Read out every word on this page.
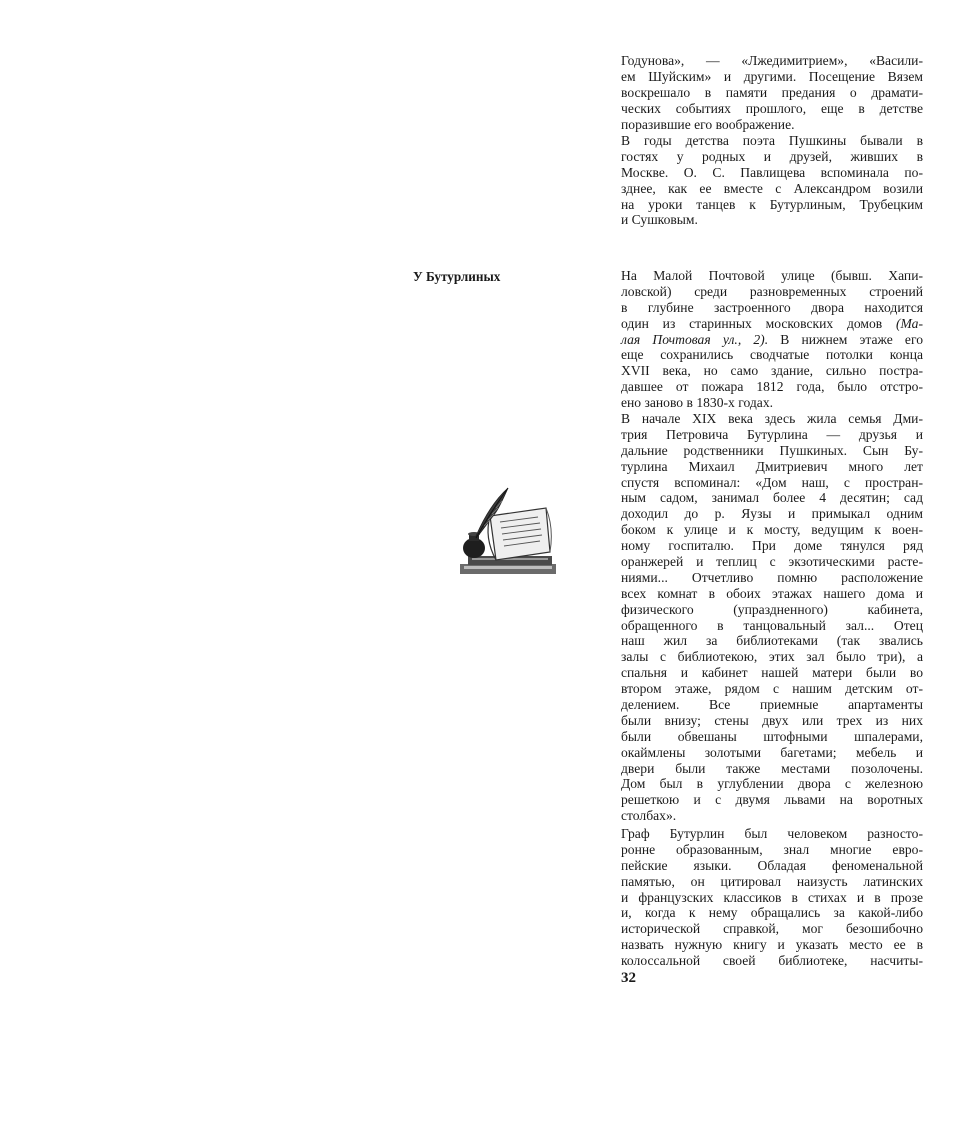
Годунова», — «Лжедимитрием», «Васили-
ем Шуйским» и другими. Посещение Вязем
воскрешало в памяти предания о драмати-
ческих событиях прошлого, еще в детстве
поразившие его воображение.
В годы детства поэта Пушкины бывали в
гостях у родных и друзей, живших в
Москве. О. С. Павлищева вспоминала по-
зднее, как ее вместе с Александром возили
на уроки танцев к Бутурлиным, Трубецким
и Сушковым.
У Бутурлиных	На Малой Почтовой улице (бывш. Хапи-
ловской) среди разновременных строений
в глубине застроенного двора находится
один из старинных московских домов (Ма-
лая Почтовая ул., 2). В нижнем этаже его
еще сохранились сводчатые потолки конца
XVII века, но само здание, сильно постра-
давшее от пожара 1812 года, было отстро-
ено заново в 1830-х годах.
В начале XIX века здесь жила семья Дми-
трия Петровича Бутурлина — друзья и
дальние родственники Пушкиных. Сын Бу-
турлина Михаил Дмитриевич много лет
спустя вспоминал: «Дом наш, с простран-
ным садом, занимал более 4 десятин; сад
доходил до р. Яузы и примыкал одним
боком к улице и к мосту, ведущим к воен-
ному госпиталю. При доме тянулся ряд
оранжерей и теплиц с экзотическими расте-
ниями... Отчетливо помню расположение
всех комнат в обоих этажах нашего дома и
физического (упраздненного) кабинета,
обращенного в танцовальный зал... Отец
наш жил за библиотеками (так звались
залы с библиотекою, этих зал было три), а
спальня и кабинет нашей матери были во
втором этаже, рядом с нашим детским от-
делением. Все приемные апартаменты
были внизу; стены двух или трех из них
были обвешаны штофными шпалерами,
окаймлены золотыми багетами; мебель и
двери были также местами позолочены.
Дом был в углублении двора с железною
решеткою и с двумя львами на воротных
столбах».
Граф Бутурлин был человеком разносто-
ронне образованным, знал многие евро-
пейские языки. Обладая феноменальной
памятью, он цитировал наизусть латинских
и французских классиков в стихах и в прозе
и, когда к нему обращались за какой-либо
исторической справкой, мог безошибочно
назвать нужную книгу и указать место ее в
колоссальной своей библиотеке, насчиты-
32
